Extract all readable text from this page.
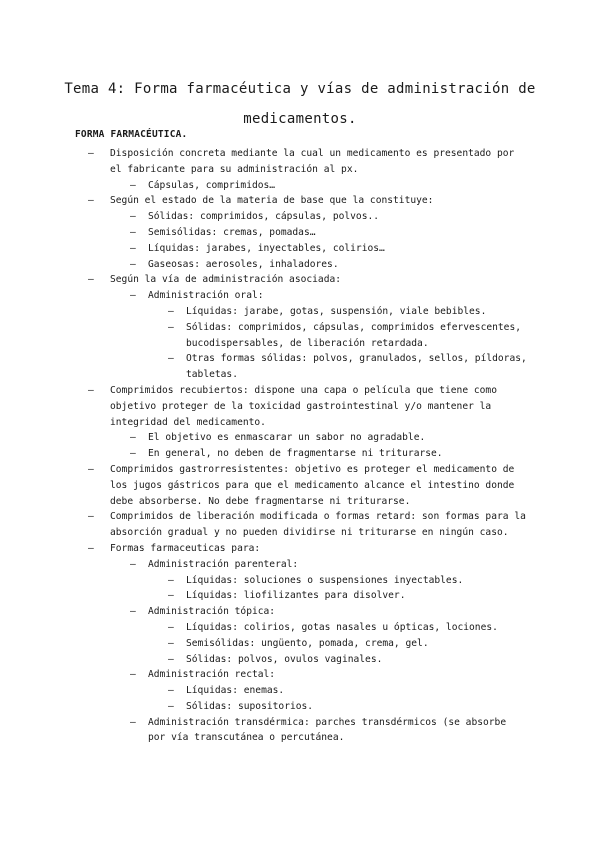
Tema 4: Forma farmacéutica y vías de administración de
medicamentos.
FORMA FARMACÉUTICA.
–	Disposición concreta mediante la cual un medicamento es presentado por el fabricante para su administración al px.
–	Cápsulas, comprimidos…
–	Según el estado de la materia de base que la constituye:
–	Sólidas: comprimidos, cápsulas, polvos..
–	Semisólidas: cremas, pomadas…
–	Líquidas: jarabes, inyectables, colirios…
–	Gaseosas: aerosoles, inhaladores.
–	Según la vía de administración asociada:
–	Administración oral:
–	Líquidas: jarabe, gotas, suspensión, viale bebibles.
–	Sólidas: comprimidos, cápsulas, comprimidos efervescentes, bucodispersables, de liberación retardada.
–	Otras formas sólidas: polvos, granulados, sellos, píldoras, tabletas.
–	Comprimidos recubiertos: dispone una capa o película que tiene como objetivo proteger de la toxicidad gastrointestinal y/o mantener la integridad del medicamento.
–	El objetivo es enmascarar un sabor no agradable.
–	En general, no deben de fragmentarse ni triturarse.
–	Comprimidos gastrorresistentes: objetivo es proteger el medicamento de los jugos gástricos para que el medicamento alcance el intestino donde debe absorberse. No debe fragmentarse ni triturarse.
–	Comprimidos de liberación modificada o formas retard: son formas para la absorción gradual y no pueden dividirse ni triturarse en ningún caso.
–	Formas farmaceuticas para:
–	Administración parenteral:
–	Líquidas: soluciones o suspensiones inyectables.
–	Líquidas: liofilizantes para disolver.
–	Administración tópica:
–	Líquidas: colirios, gotas nasales u ópticas, lociones.
–	Semisólidas: ungüento, pomada, crema, gel.
–	Sólidas: polvos, ovulos vaginales.
–	Administración rectal:
–	Líquidas: enemas.
–	Sólidas: supositorios.
–	Administración transdérmica: parches transdérmicos (se absorbe por vía transcutánea o percutánea.
